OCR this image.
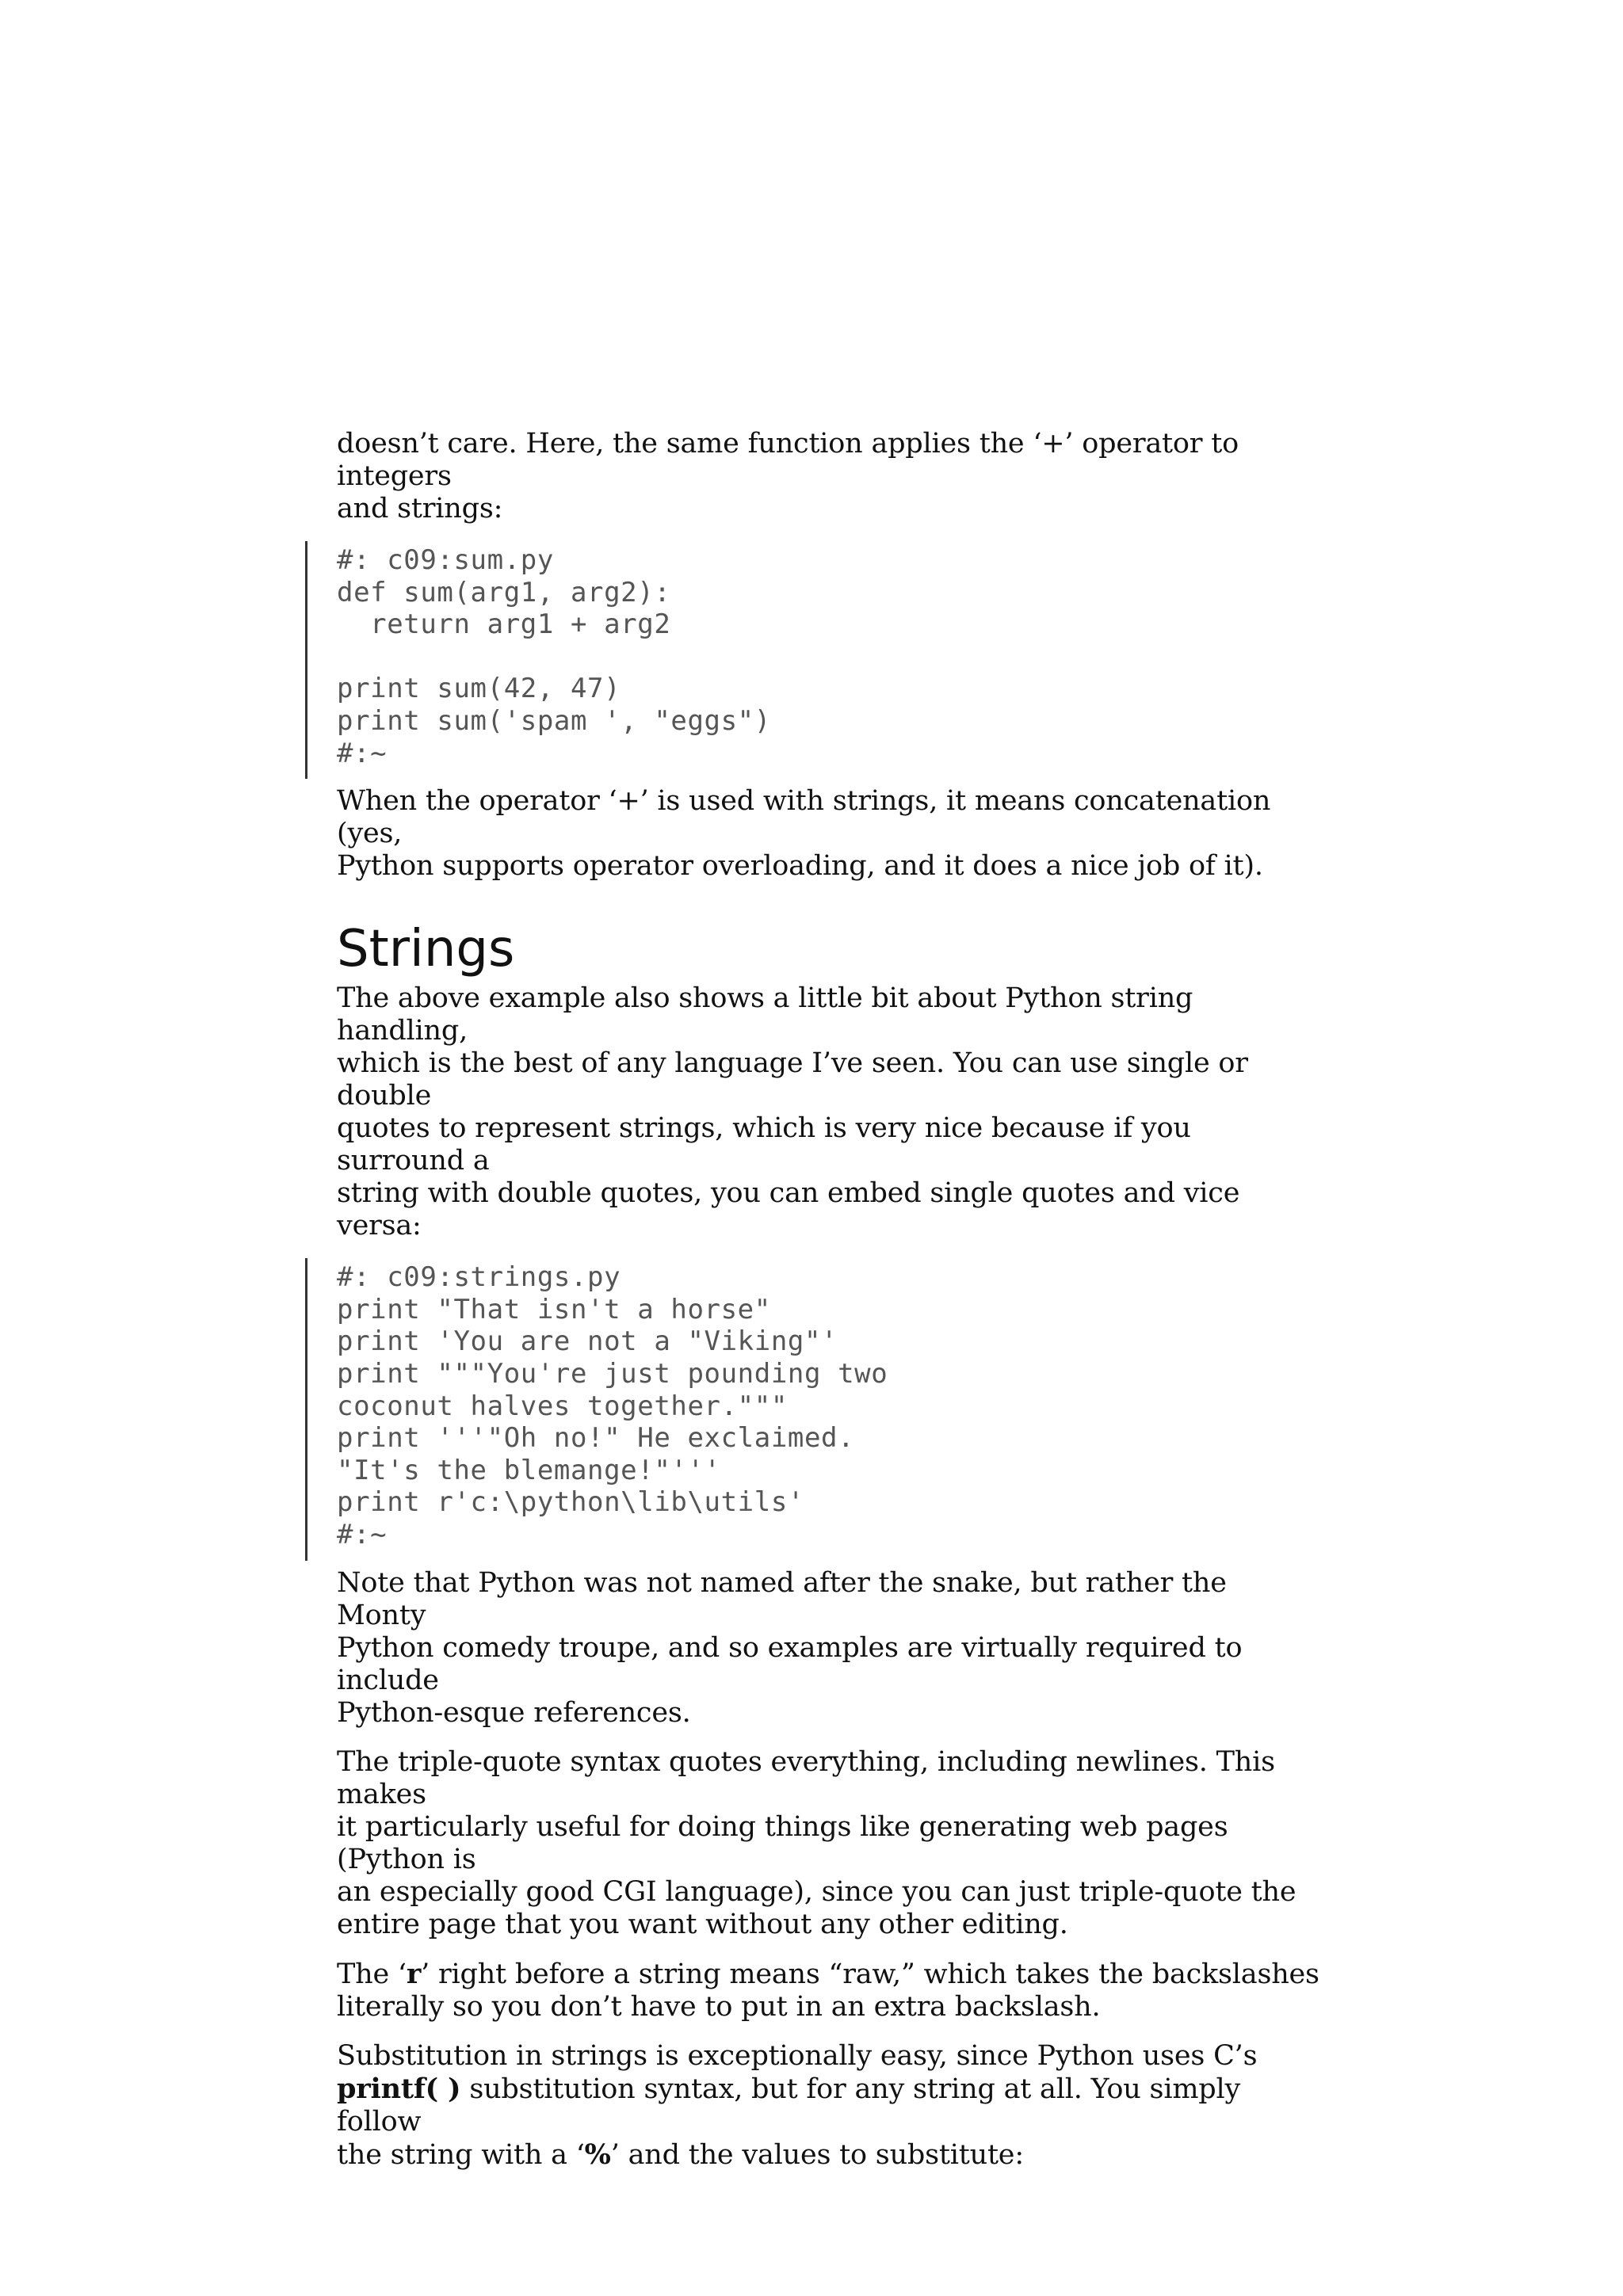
doesn’t care. Here, the same function applies the ‘+’ operator to integers
and strings:

#: c09:sum.py
def sum(arg1, arg2):
return arg1 + arg2

print sum(42, 47)
print sum('spam ', "eggs")
#:~

When the operator ‘+’ is used with strings, it means concatenation (yes,
Python supports operator overloading, and it does a nice job of it).

Strings

The above example also shows a little bit about Python string handling,
which is the best of any language I’ve seen. You can use single or double
quotes to represent strings, which is very nice because if you surround a
string with double quotes, you can embed single quotes and vice versa:

#: c09:strings.py
print "That isn't a horse"
print 'You are not a "Viking"'
print """You're just pounding two
coconut halves together."""
print '''"Oh no!" He exclaimed.
"It's the blemange!"'''
print r'c:\python\lib\utils'
#:~

Note that Python was not named after the snake, but rather the Monty
Python comedy troupe, and so examples are virtually required to include
Python-esque references.

The triple-quote syntax quotes everything, including newlines. This makes
it particularly useful for doing things like generating web pages (Python is
an especially good CGI language), since you can just triple-quote the
entire page that you want without any other editing.

The ‘r’ right before a string means “raw,” which takes the backslashes
literally so you don’t have to put in an extra backslash.

Substitution in strings is exceptionally easy, since Python uses C’s
printf( ) substitution syntax, but for any string at all. You simply follow
the string with a ‘%’ and the values to substitute:
